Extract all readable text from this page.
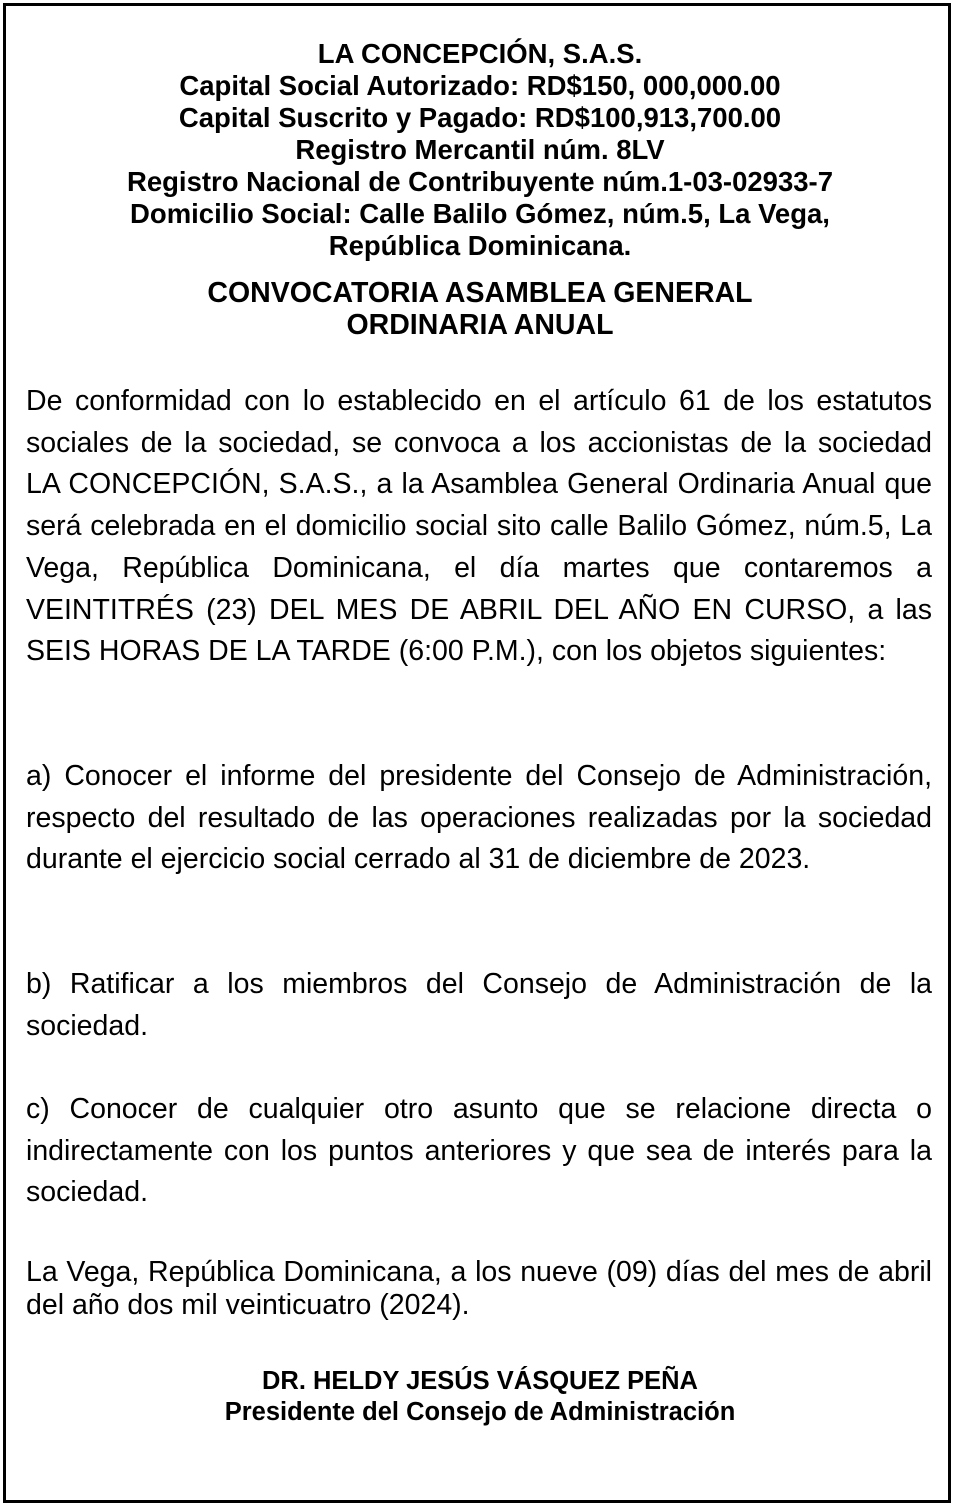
LA CONCEPCIÓN, S.A.S.
Capital Social Autorizado: RD$150, 000,000.00
Capital Suscrito y Pagado: RD$100,913,700.00
Registro Mercantil núm. 8LV
Registro Nacional de Contribuyente núm.1-03-02933-7
Domicilio Social: Calle Balilo Gómez, núm.5, La Vega,
República Dominicana.
CONVOCATORIA ASAMBLEA GENERAL
ORDINARIA ANUAL
De conformidad con lo establecido en el artículo 61 de los estatutos sociales de la sociedad, se convoca a los accionistas de la sociedad LA CONCEPCIÓN, S.A.S., a la Asamblea General Ordinaria Anual que será celebrada en el domicilio social sito calle Balilo Gómez, núm.5, La Vega, República Dominicana, el día martes que contaremos a VEINTITRÉS (23) DEL MES DE ABRIL DEL AÑO EN CURSO, a las SEIS HORAS DE LA TARDE (6:00 P.M.), con los objetos siguientes:
a) Conocer el informe del presidente del Consejo de Administración, respecto del resultado de las operaciones realizadas por la sociedad durante el ejercicio social cerrado al 31 de diciembre de 2023.
b) Ratificar a los miembros del Consejo de Administración de la sociedad.
c) Conocer de cualquier otro asunto que se relacione directa o indirectamente con los puntos anteriores y que sea de interés para la sociedad.
La Vega, República Dominicana, a los nueve (09) días del mes de abril del año dos mil veinticuatro (2024).
DR. HELDY JESÚS VÁSQUEZ PEÑA
Presidente del Consejo de Administración
